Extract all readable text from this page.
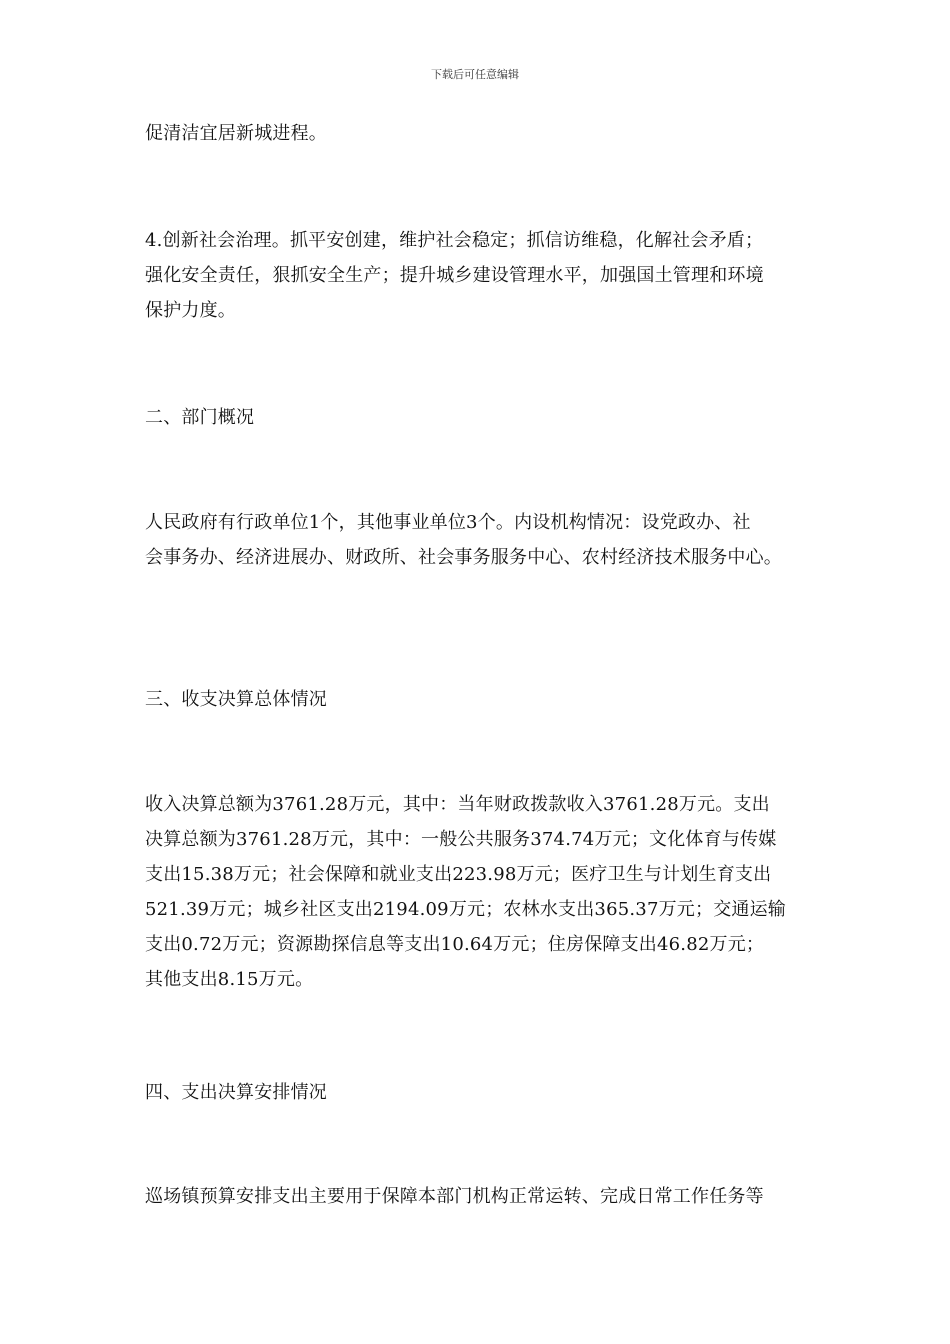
下载后可任意编辑

促清洁宜居新城进程。

4.创新社会治理。抓平安创建，维护社会稳定；抓信访维稳，化解社会矛盾；
强化安全责任，狠抓安全生产；提升城乡建设管理水平，加强国土管理和环境
保护力度。

二、部门概况

人民政府有行政单位1个，其他事业单位3个。内设机构情况：设党政办、社
会事务办、经济进展办、财政所、社会事务服务中心、农村经济技术服务中心。

三、收支决算总体情况

收入决算总额为3761.28万元，其中：当年财政拨款收入3761.28万元。支出
决算总额为3761.28万元，其中：一般公共服务374.74万元；文化体育与传媒
支出15.38万元；社会保障和就业支出223.98万元；医疗卫生与计划生育支出
521.39万元；城乡社区支出2194.09万元；农林水支出365.37万元；交通运输
支出0.72万元；资源勘探信息等支出10.64万元；住房保障支出46.82万元；
其他支出8.15万元。

四、支出决算安排情况

巡场镇预算安排支出主要用于保障本部门机构正常运转、完成日常工作任务等
